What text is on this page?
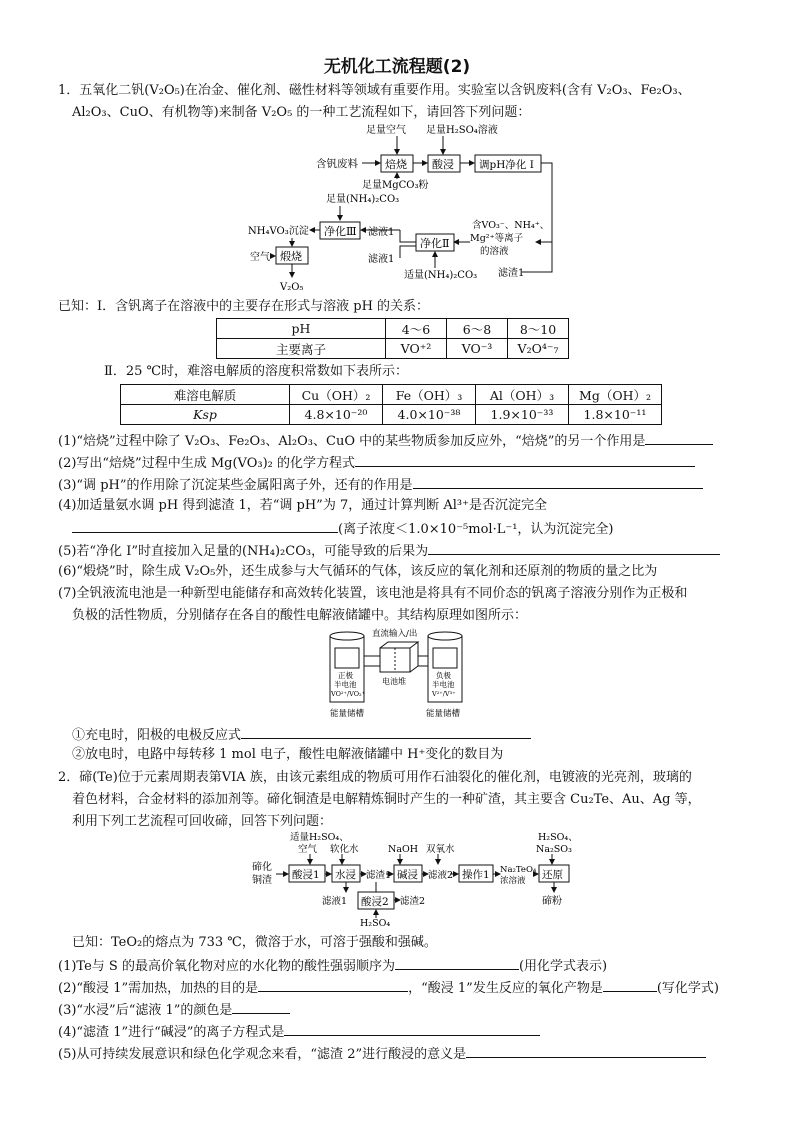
无机化工流程题(2)
1．五氧化二钒(V₂O₅)在冶金、催化剂、磁性材料等领域有重要作用。实验室以含钒废料(含有 V₂O₃、Fe₂O₃、
Al₂O₃、CuO、有机物等)来制备 V₂O₅ 的一种工艺流程如下，请回答下列问题：
足量空气 足量H₂SO₄溶液
含钒废料 焙烧 酸浸 调pH净化 I
足量MgCO₃粉
滤渣1
含VO₃⁻、NH₄⁺、
Mg²⁺等离子
的溶液
足量(NH₄)₂CO₃
净化Ⅲ
NH₄VO₃沉淀	滤液1
净化Ⅱ
滤液1
适量(NH₄)₂CO₃
煅烧
空气
V₂O₅
已知：Ⅰ．含钒离子在溶液中的主要存在形式与溶液 pH 的关系：
pH	4～6	6～8	8～10
主要离子	VO⁺²	VO⁻³	V₂O⁴⁻₇
Ⅱ．25 ℃时，难溶电解质的溶度积常数如下表所示：
难溶电解质	Cu（OH）₂	Fe（OH）₃	Al（OH）₃	Mg（OH）₂
Ksp	4.8×10⁻²⁰	4.0×10⁻³⁸	1.9×10⁻³³	1.8×10⁻¹¹
(1)“焙烧”过程中除了 V₂O₃、Fe₂O₃、Al₂O₃、CuO 中的某些物质参加反应外，“焙烧”的另一个作用是
(2)写出“焙烧”过程中生成 Mg(VO₃)₂ 的化学方程式
(3)“调 pH”的作用除了沉淀某些金属阳离子外，还有的作用是
(4)加适量氨水调 pH 得到滤渣 1，若“调 pH”为 7，通过计算判断 Al³⁺是否沉淀完全
(离子浓度＜1.0×10⁻⁵mol·L⁻¹，认为沉淀完全)
(5)若“净化 I”时直接加入足量的(NH₄)₂CO₃，可能导致的后果为
(6)“煅烧”时，除生成 V₂O₅外，还生成参与大气循环的气体，该反应的氧化剂和还原剂的物质的量之比为
(7)全钒液流电池是一种新型电能储存和高效转化装置，该电池是将具有不同价态的钒离子溶液分别作为正极和
负极的活性物质，分别储存在各自的酸性电解液储罐中。其结构原理如图所示：
直流输入/出
正极
半电池
VO²⁺/VO₂⁺
负极
半电池
V²⁺/V³⁺
电池堆
能量储槽	能量储槽
①充电时，阳极的电极反应式
②放电时，电路中每转移 1 mol 电子，酸性电解液储罐中 H⁺变化的数目为
2．碲(Te)位于元素周期表第VIA 族，由该元素组成的物质可用作石油裂化的催化剂，电镀液的光亮剂，玻璃的
着色材料，合金材料的添加剂等。碲化铜渣是电解精炼铜时产生的一种矿渣，其主要含 Cu₂Te、Au、Ag 等，
利用下列工艺流程可回收碲，回答下列问题：
适量H₂SO₄、
空气 软化水	NaOH 双氧水
H₂SO₄、
Na₂SO₃
碲化
铜渣 酸浸1 水浸 滤渣1 碱浸 滤液2 操作1 Na₂TeO₄
浓溶液 还原
碲粉
滤液1 酸浸2 滤渣2
H₂SO₄
已知：TeO₂的熔点为 733 ℃，微溶于水，可溶于强酸和强碱。
(1)Te与 S 的最高价氧化物对应的水化物的酸性强弱顺序为	(用化学式表示)
(2)“酸浸 1”需加热，加热的目的是	，“酸浸 1”发生反应的氧化产物是	(写化学式)
(3)“水浸”后“滤液 1”的颜色是
(4)“滤渣 1”进行“碱浸”的离子方程式是
(5)从可持续发展意识和绿色化学观念来看，“滤渣 2”进行酸浸的意义是
